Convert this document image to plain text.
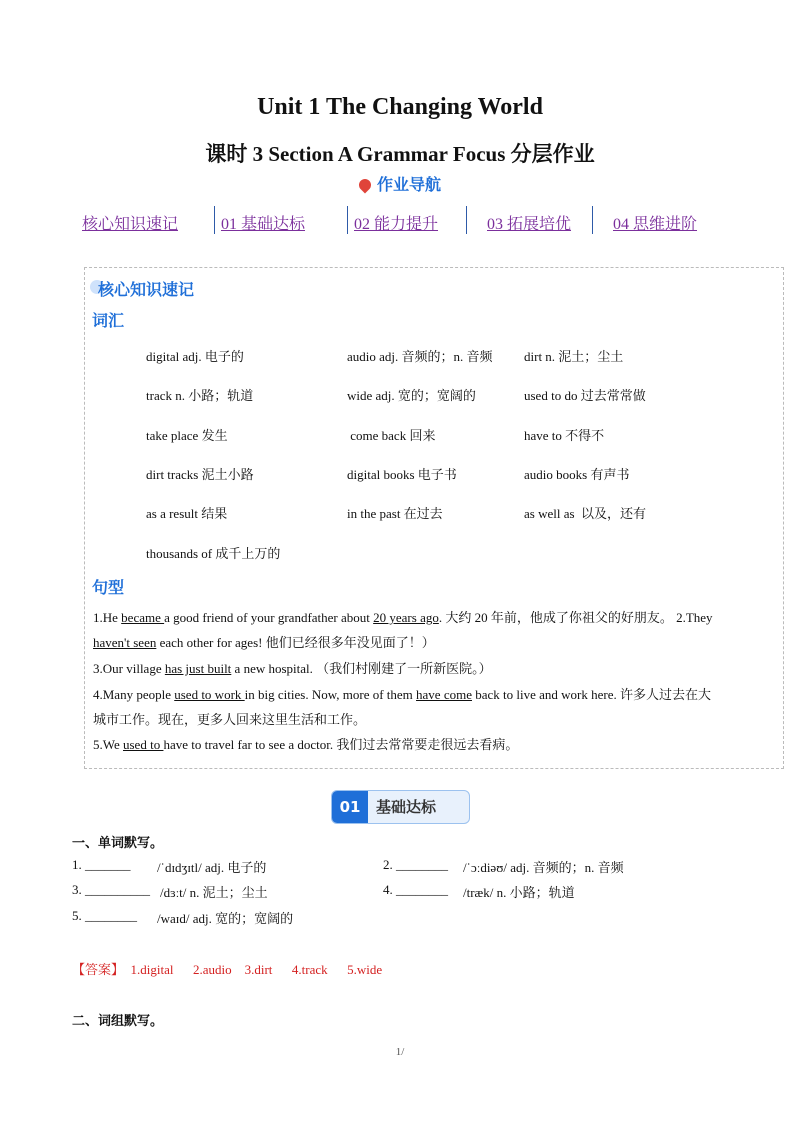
Unit 1 The Changing World
课时 3 Section A Grammar Focus 分层作业
作业导航
核心知识速记	01 基础达标	02 能力提升	03 拓展培优	04 思维进阶
核心知识速记
词汇
digital adj. 电子的	audio adj. 音频的；n. 音频 dirt n. 泥土；尘土
track n. 小路；轨道	wide adj. 宽的；宽阔的	used to do 过去常常做
take place 发生	come back 回来	have to 不得不
dirt tracks 泥土小路	digital books 电子书	audio books 有声书
as a result 结果	in the past 在过去	as well as  以及，还有
thousands of 成千上万的
句型
1.He became a good friend of your grandfather about 20 years ago. 大约 20 年前，他成了你祖父的好朋友。 2.They
haven't seen each other for ages! 他们已经很多年没见面了！）
3.Our village has just built a new hospital. （我们村刚建了一所新医院。）
4.Many people used to work in big cities. Now, more of them have come back to live and work here. 许多人过去在大
城市工作。现在，更多人回来这里生活和工作。
5.We used to have to travel far to see a doctor. 我们过去常常要走很远去看病。
01	基础达标
一、单词默写。
1. _______ /ˈdɪdʒɪtl/ adj. 电子的	2. ________ /ˈɔːdiəʊ/ adj. 音频的；n. 音频
3. __________ /dɜːt/ n. 泥土；尘土	4. ________ /træk/ n. 小路；轨道
5. ________ /waɪd/ adj. 宽的；宽阔的
【答案】 1.digital      2.audio    3.dirt      4.track      5.wide
二、词组默写。
1/
